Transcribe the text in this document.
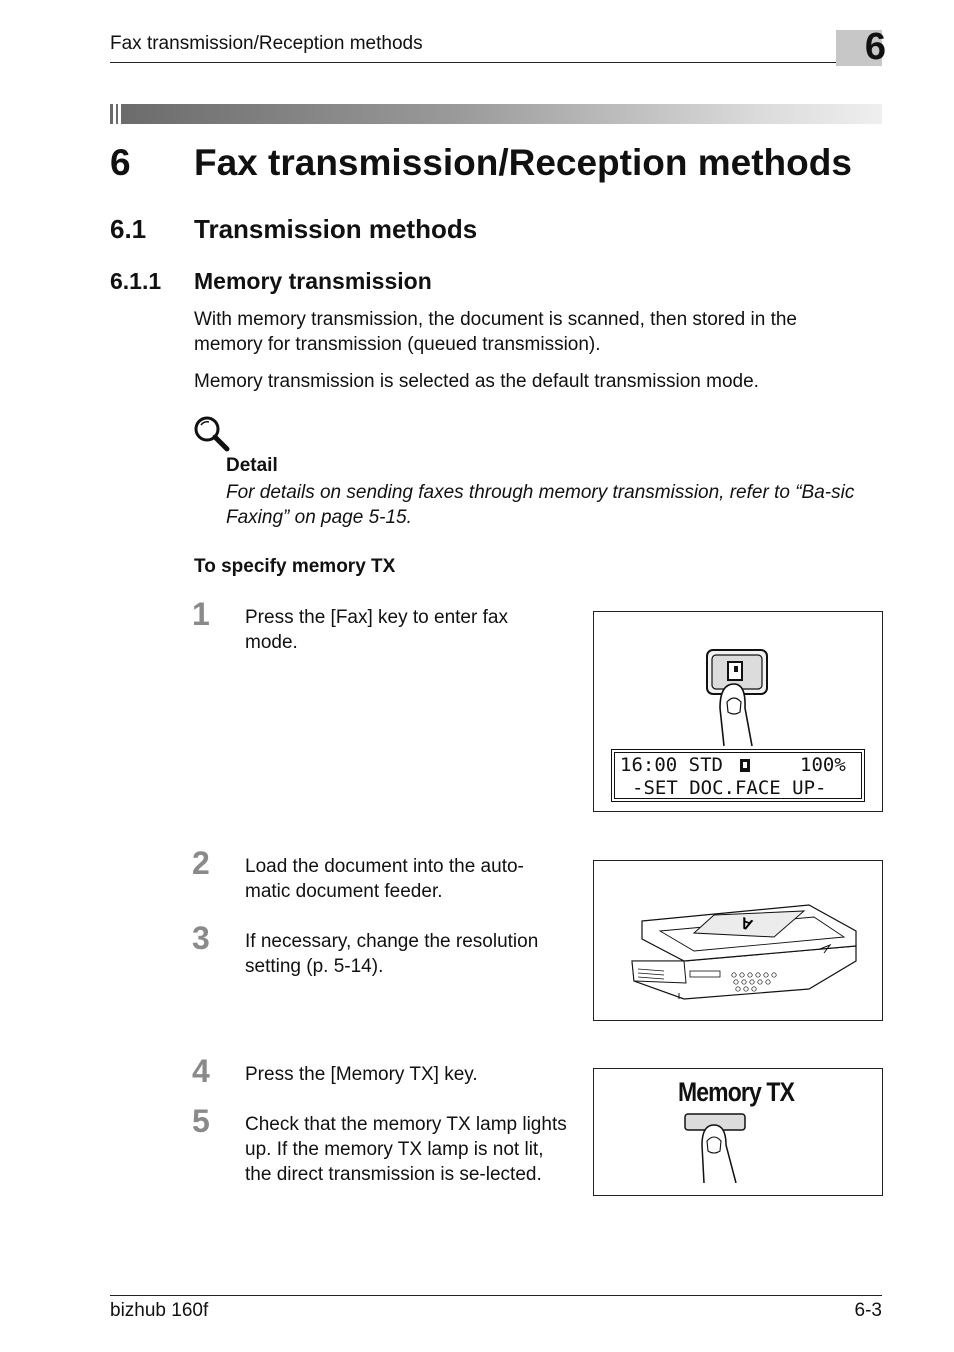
Fax transmission/Reception methods	6
6 Fax transmission/Reception methods
6.1 Transmission methods
6.1.1 Memory transmission
With memory transmission, the document is scanned, then stored in the memory for transmission (queued transmission).
Memory transmission is selected as the default transmission mode.
Detail
For details on sending faxes through memory transmission, refer to “Ba-sic Faxing” on page 5-15.
To specify memory TX
1 Press the [Fax] key to enter fax mode.
2 Load the document into the auto-matic document feeder.
3 If necessary, change the resolution setting (p. 5-14).
4 Press the [Memory TX] key.
5 Check that the memory TX lamp lights up. If the memory TX lamp is not lit, the direct transmission is se-lected.
16:00 STD	100%
-SET DOC.FACE UP-
A
Memory TX
bizhub 160f	6-3
